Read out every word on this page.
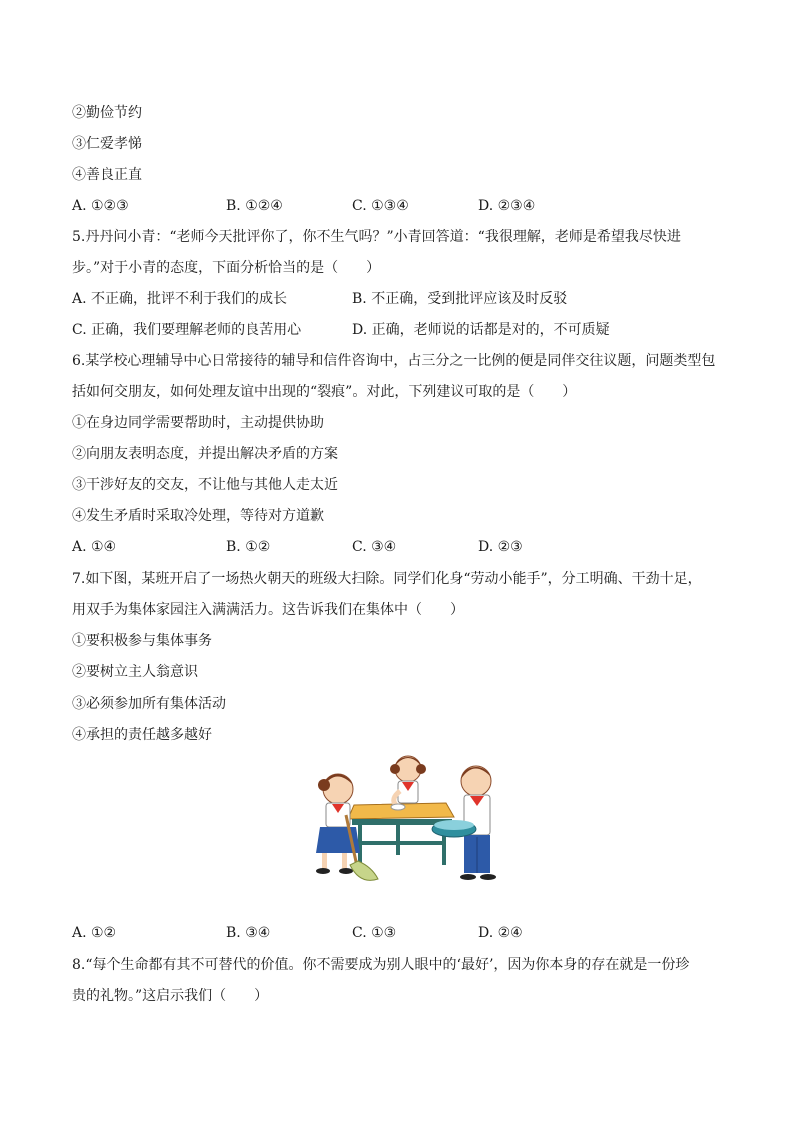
②勤俭节约
③仁爱孝悌
④善良正直
A. ①②③	B. ①②④	C. ①③④	D. ②③④
5.丹丹问小青：“老师今天批评你了，你不生气吗？”小青回答道：“我很理解，老师是希望我尽快进
步。”对于小青的态度，下面分析恰当的是（　　）
A. 不正确，批评不利于我们的成长	B. 不正确，受到批评应该及时反驳
C. 正确，我们要理解老师的良苦用心	D. 正确，老师说的话都是对的，不可质疑
6.某学校心理辅导中心日常接待的辅导和信件咨询中，占三分之一比例的便是同伴交往议题，问题类型包
括如何交朋友，如何处理友谊中出现的“裂痕”。对此，下列建议可取的是（　　）
①在身边同学需要帮助时，主动提供协助
②向朋友表明态度，并提出解决矛盾的方案
③干涉好友的交友，不让他与其他人走太近
④发生矛盾时采取冷处理，等待对方道歉
A. ①④	B. ①②	C. ③④	D. ②③
7.如下图，某班开启了一场热火朝天的班级大扫除。同学们化身“劳动小能手”，分工明确、干劲十足，
用双手为集体家园注入满满活力。这告诉我们在集体中（　　）
①要积极参与集体事务
②要树立主人翁意识
③必须参加所有集体活动
④承担的责任越多越好
A. ①②	B. ③④	C. ①③	D. ②④
8.“每个生命都有其不可替代的价值。你不需要成为别人眼中的‘最好’，因为你本身的存在就是一份珍
贵的礼物。”这启示我们（　　）
